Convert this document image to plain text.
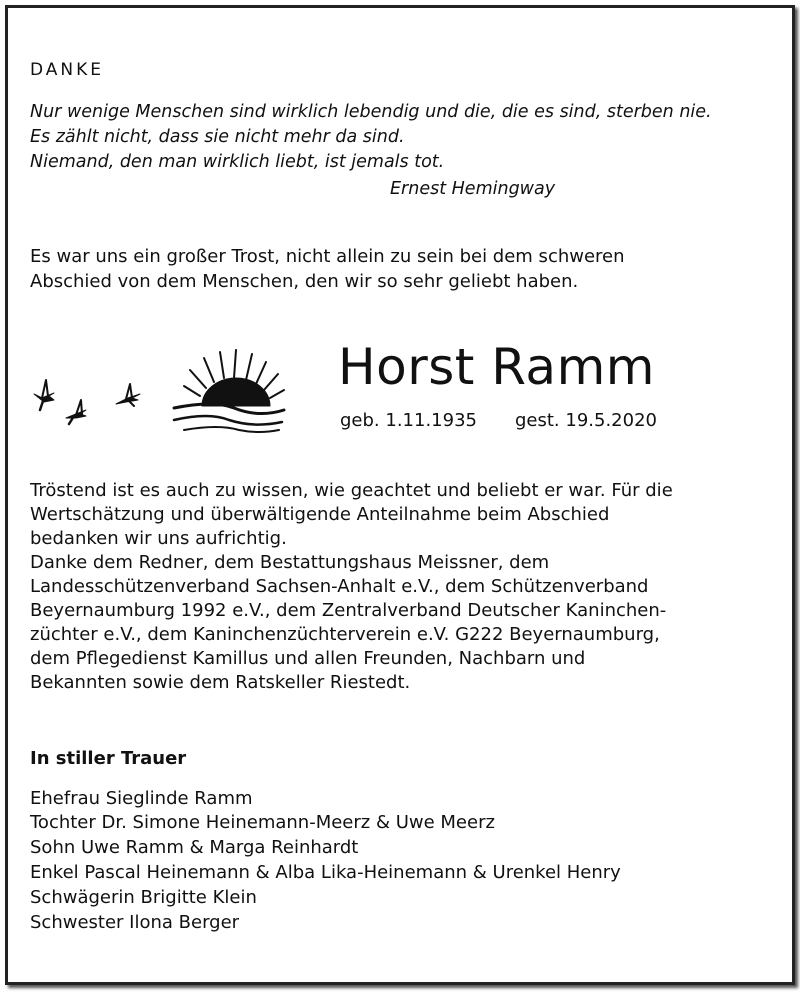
DANKE
Nur wenige Menschen sind wirklich lebendig und die, die es sind, sterben nie.
Es zählt nicht, dass sie nicht mehr da sind.
Niemand, den man wirklich liebt, ist jemals tot.
Ernest Hemingway
Es war uns ein großer Trost, nicht allein zu sein bei dem schweren
Abschied von dem Menschen, den wir so sehr geliebt haben.
Horst Ramm
geb. 1.11.1935 gest. 19.5.2020
Tröstend ist es auch zu wissen, wie geachtet und beliebt er war. Für die
Wertschätzung und überwältigende Anteilnahme beim Abschied
bedanken wir uns aufrichtig.
Danke dem Redner, dem Bestattungshaus Meissner, dem
Landesschützenverband Sachsen-Anhalt e.V., dem Schützenverband
Beyernaumburg 1992 e.V., dem Zentralverband Deutscher Kaninchen-
züchter e.V., dem Kaninchenzüchterverein e.V. G222 Beyernaumburg,
dem Pflegedienst Kamillus und allen Freunden, Nachbarn und
Bekannten sowie dem Ratskeller Riestedt.
In stiller Trauer
Ehefrau Sieglinde Ramm
Tochter Dr. Simone Heinemann-Meerz & Uwe Meerz
Sohn Uwe Ramm & Marga Reinhardt
Enkel Pascal Heinemann & Alba Lika-Heinemann & Urenkel Henry
Schwägerin Brigitte Klein
Schwester Ilona Berger
